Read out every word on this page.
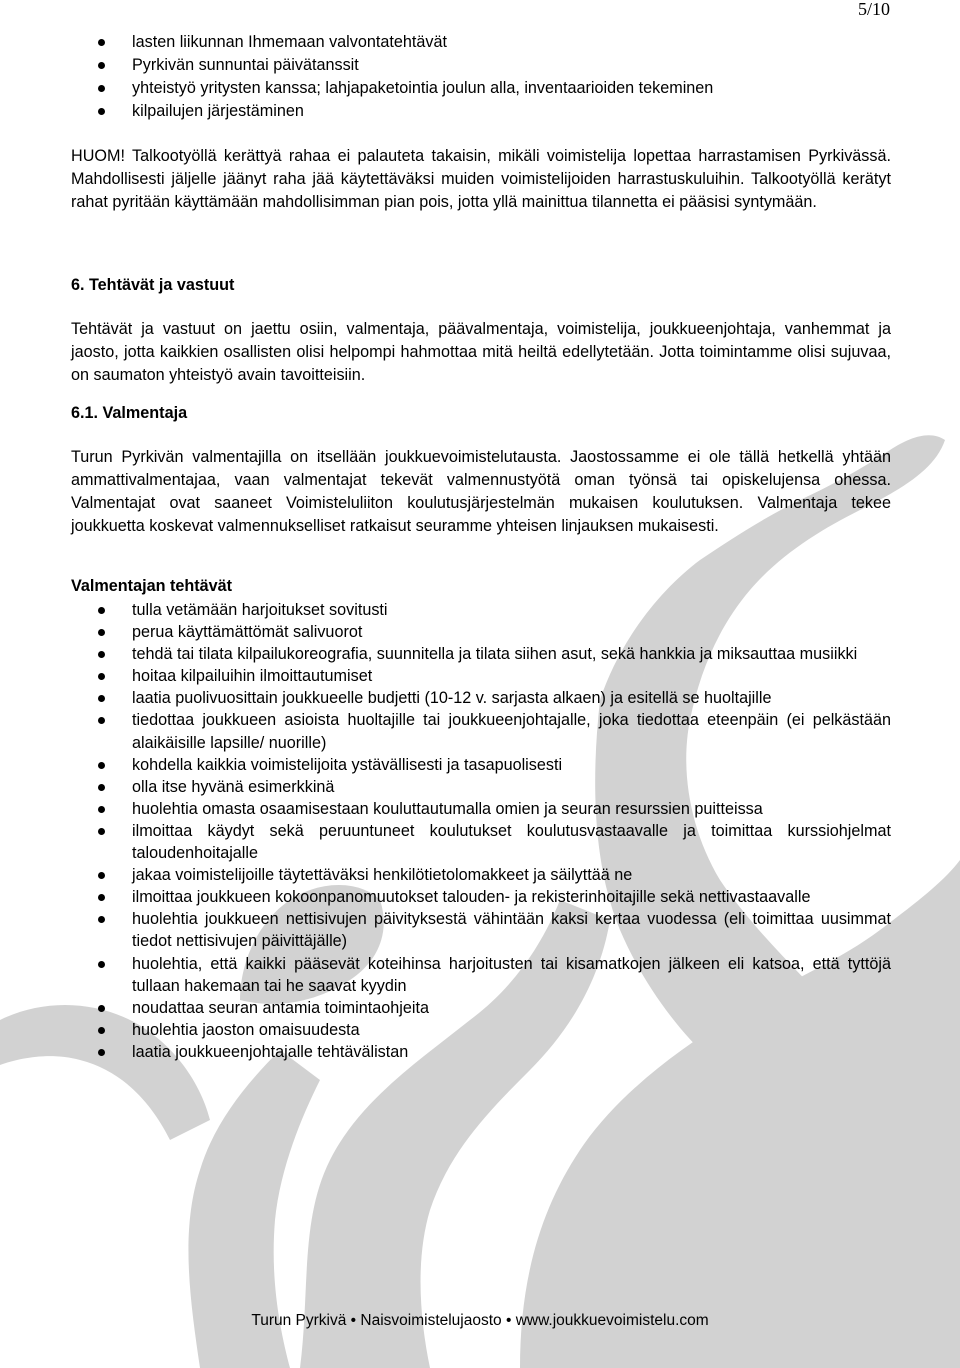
5/10
lasten liikunnan Ihmemaan valvontatehtävät
Pyrkivän sunnuntai päivätanssit
yhteistyö yritysten kanssa; lahjapaketointia joulun alla, inventaarioiden tekeminen
kilpailujen järjestäminen

HUOM! Talkootyöllä kerättyä rahaa ei palauteta takaisin, mikäli voimistelija lopettaa harrastamisen Pyrkivässä. Mahdollisesti jäljelle jäänyt raha jää käytettäväksi muiden voimistelijoiden harrastuskuluihin. Talkootyöllä kerätyt rahat pyritään käyttämään mahdollisimman pian pois, jotta yllä mainittua tilannetta ei pääsisi syntymään.

6. Tehtävät ja vastuut

Tehtävät ja vastuut on jaettu osiin, valmentaja, päävalmentaja, voimistelija, joukkueenjohtaja, vanhemmat ja jaosto, jotta kaikkien osallisten olisi helpompi hahmottaa mitä heiltä edellytetään. Jotta toimintamme olisi sujuvaa, on saumaton yhteistyö avain tavoitteisiin.

6.1. Valmentaja

Turun Pyrkivän valmentajilla on itsellään joukkuevoimistelutausta. Jaostossamme ei ole tällä hetkellä yhtään ammattivalmentajaa, vaan valmentajat tekevät valmennustyötä oman työnsä tai opiskelujensa ohessa. Valmentajat ovat saaneet Voimisteluliiton koulutusjärjestelmän mukaisen koulutuksen. Valmentaja tekee joukkuetta koskevat valmennukselliset ratkaisut seuramme yhteisen linjauksen mukaisesti.

Valmentajan tehtävät

tulla vetämään harjoitukset sovitusti
perua käyttämättömät salivuorot
tehdä tai tilata kilpailukoreografia, suunnitella ja tilata siihen asut, sekä hankkia ja miksauttaa musiikki
hoitaa kilpailuihin ilmoittautumiset
laatia puolivuosittain joukkueelle budjetti (10-12 v. sarjasta alkaen) ja esitellä se huoltajille
tiedottaa joukkueen asioista huoltajille tai joukkueenjohtajalle, joka tiedottaa eteenpäin (ei pelkästään alaikäisille lapsille/ nuorille)
kohdella kaikkia voimistelijoita ystävällisesti ja tasapuolisesti
olla itse hyvänä esimerkkinä
huolehtia omasta osaamisestaan kouluttautumalla omien ja seuran resurssien puitteissa
ilmoittaa käydyt sekä peruuntuneet koulutukset koulutusvastaavalle ja toimittaa kurssiohjelmat taloudenhoitajalle
jakaa voimistelijoille täytettäväksi henkilötietolomakkeet ja säilyttää ne
ilmoittaa joukkueen kokoonpanomuutokset talouden- ja rekisterinhoitajille sekä nettivastaavalle
huolehtia joukkueen nettisivujen päivityksestä vähintään kaksi kertaa vuodessa (eli toimittaa uusimmat tiedot nettisivujen päivittäjälle)
huolehtia, että kaikki pääsevät koteihinsa harjoitusten tai kisamatkojen jälkeen eli katsoa, että tyttöjä tullaan hakemaan tai he saavat kyydin
noudattaa seuran antamia toimintaohjeita
huolehtia jaoston omaisuudesta
laatia joukkueenjohtajalle tehtävälistan
Turun Pyrkivä • Naisvoimistelujaosto • www.joukkuevoimistelu.com
